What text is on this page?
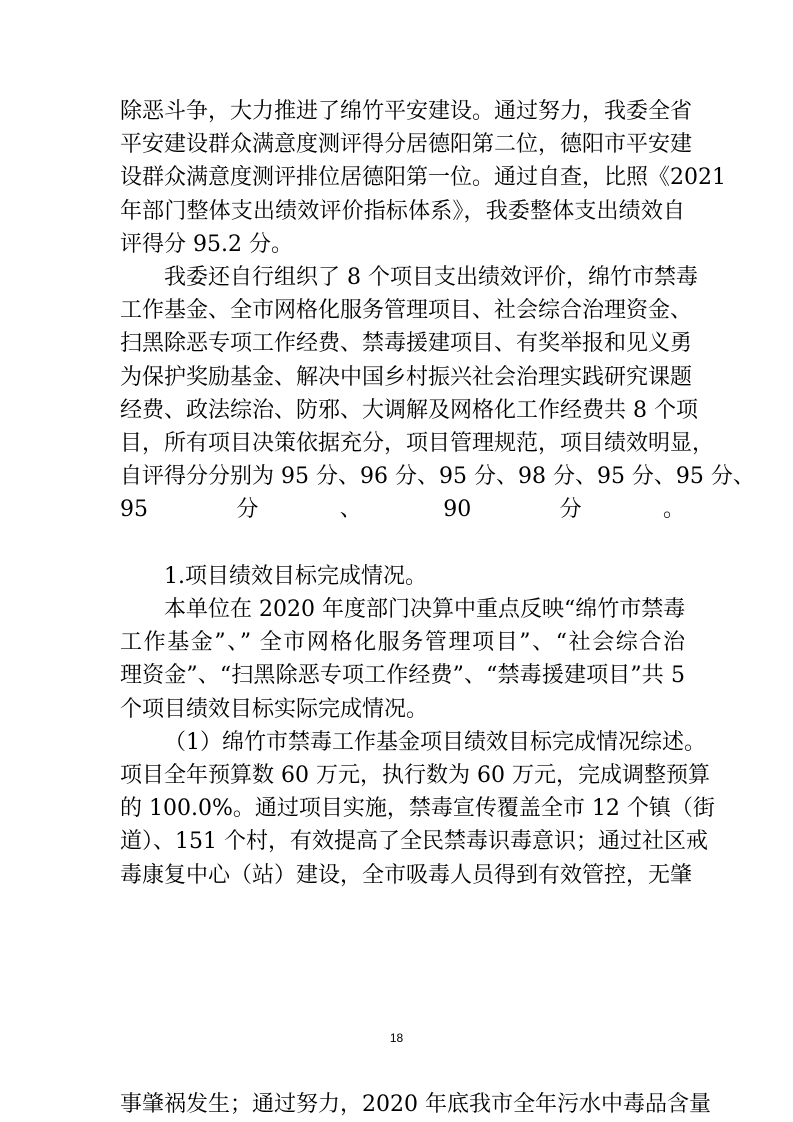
除恶斗争，大力推进了绵竹平安建设。通过努力，我委全省
平安建设群众满意度测评得分居德阳第二位，德阳市平安建
设群众满意度测评排位居德阳第一位。通过自查，比照《2021
年部门整体支出绩效评价指标体系》，我委整体支出绩效自
评得分 95.2 分。
我委还自行组织了 8 个项目支出绩效评价，绵竹市禁毒
工作基金、全市网格化服务管理项目、社会综合治理资金、
扫黑除恶专项工作经费、禁毒援建项目、有奖举报和见义勇
为保护奖励基金、解决中国乡村振兴社会治理实践研究课题
经费、政法综治、防邪、大调解及网格化工作经费共 8 个项
目，所有项目决策依据充分，项目管理规范，项目绩效明显，
自评得分分别为 95 分、96 分、95 分、98 分、95 分、95 分、
95 分、90 分。
1.项目绩效目标完成情况。
本单位在 2020 年度部门决算中重点反映“绵竹市禁毒
工作基金”、” 全市网格化服务管理项目”、“社会综合治
理资金”、“扫黑除恶专项工作经费”、“禁毒援建项目”共 5
个项目绩效目标实际完成情况。
（1）绵竹市禁毒工作基金项目绩效目标完成情况综述。
项目全年预算数 60 万元，执行数为 60 万元，完成调整预算
的 100.0%。通过项目实施，禁毒宣传覆盖全市 12 个镇（街
道）、151 个村，有效提高了全民禁毒识毒意识；通过社区戒
毒康复中心（站）建设，全市吸毒人员得到有效管控，无肇
事肇祸发生；通过努力，2020 年底我市全年污水中毒品含量
18
